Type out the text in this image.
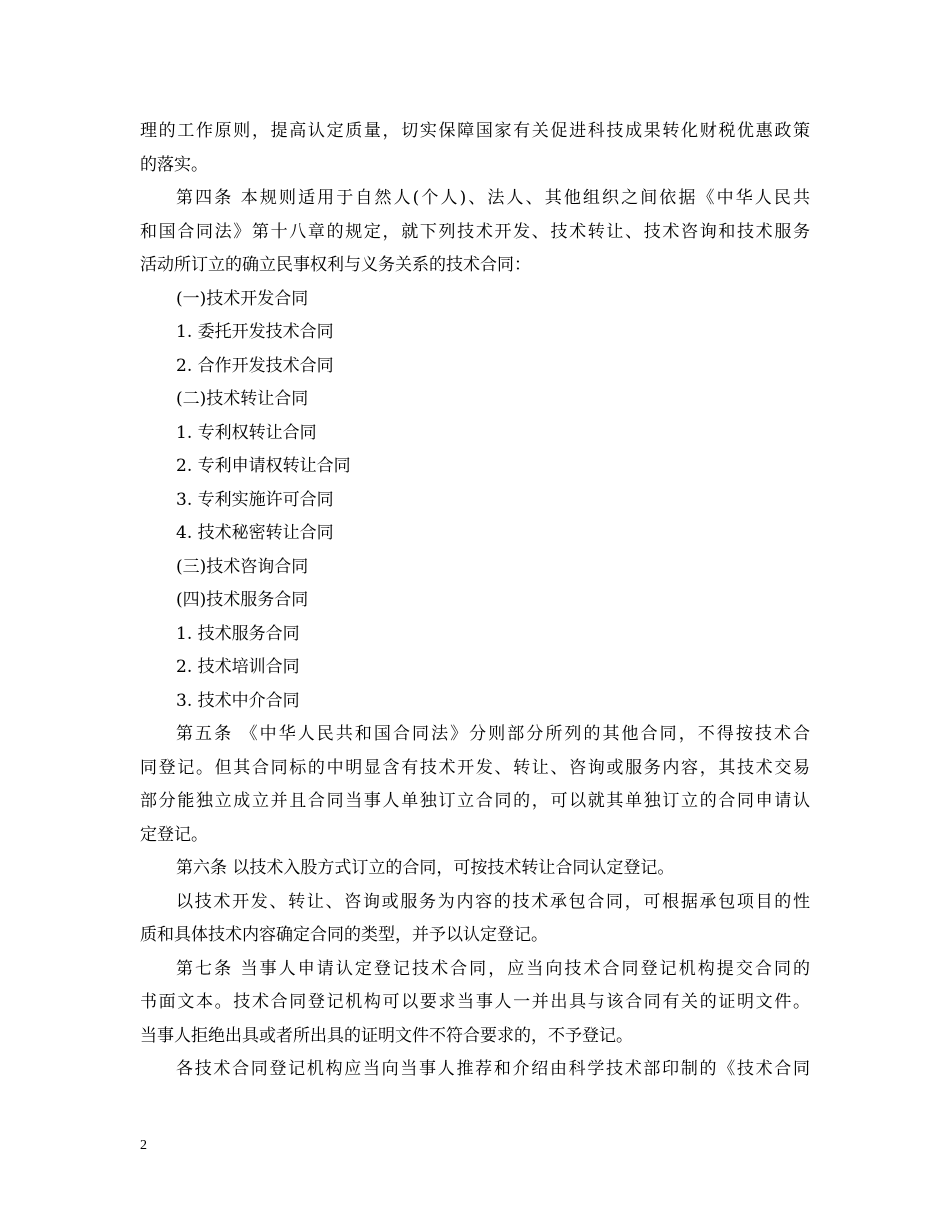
理的工作原则，提高认定质量，切实保障国家有关促进科技成果转化财税优惠政策
的落实。
第四条 本规则适用于自然人(个人)、法人、其他组织之间依据《中华人民共
和国合同法》第十八章的规定，就下列技术开发、技术转让、技术咨询和技术服务
活动所订立的确立民事权利与义务关系的技术合同：
(一)技术开发合同
1. 委托开发技术合同
2. 合作开发技术合同
(二)技术转让合同
1. 专利权转让合同
2. 专利申请权转让合同
3. 专利实施许可合同
4. 技术秘密转让合同
(三)技术咨询合同
(四)技术服务合同
1. 技术服务合同
2. 技术培训合同
3. 技术中介合同
第五条 《中华人民共和国合同法》分则部分所列的其他合同，不得按技术合
同登记。但其合同标的中明显含有技术开发、转让、咨询或服务内容，其技术交易
部分能独立成立并且合同当事人单独订立合同的，可以就其单独订立的合同申请认
定登记。
第六条 以技术入股方式订立的合同，可按技术转让合同认定登记。
以技术开发、转让、咨询或服务为内容的技术承包合同，可根据承包项目的性
质和具体技术内容确定合同的类型，并予以认定登记。
第七条 当事人申请认定登记技术合同，应当向技术合同登记机构提交合同的
书面文本。技术合同登记机构可以要求当事人一并出具与该合同有关的证明文件。
当事人拒绝出具或者所出具的证明文件不符合要求的，不予登记。
各技术合同登记机构应当向当事人推荐和介绍由科学技术部印制的《技术合同
2
